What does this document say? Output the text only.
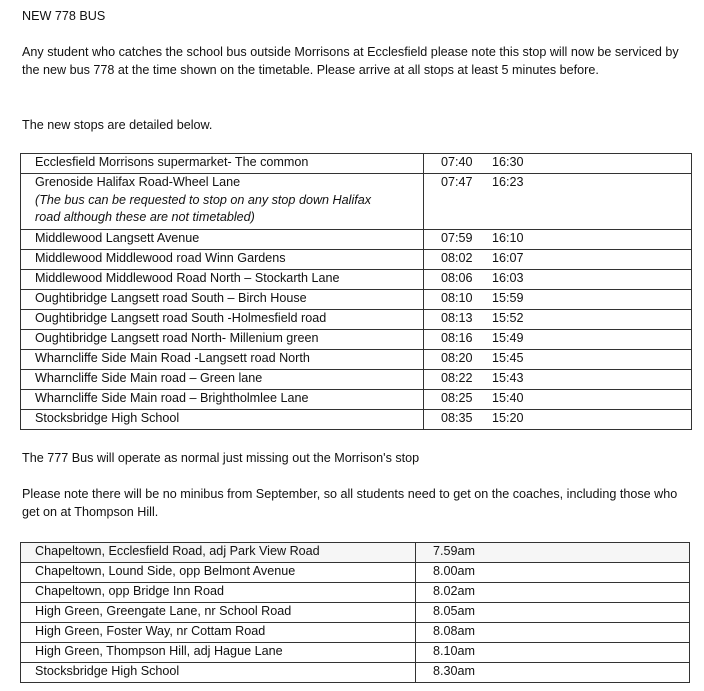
NEW 778 BUS

Any student who catches the school bus outside Morrisons at Ecclesfield please note this stop will now be serviced by the new bus 778 at the time shown on the timetable. Please arrive at all stops at least 5 minutes before.

The new stops are detailed below.

Ecclesfield Morrisons supermarket- The common	07:40 16:30
Grenoside Halifax Road-Wheel Lane
(The bus can be requested to stop on any stop down Halifax
road although these are not timetabled)	07:47 16:23
Middlewood Langsett Avenue	07:59 16:10
Middlewood Middlewood road Winn Gardens	08:02 16:07
Middlewood Middlewood Road North – Stockarth Lane	08:06 16:03
Oughtibridge Langsett road South – Birch House	08:10 15:59
Oughtibridge Langsett road South -Holmesfield road	08:13 15:52
Oughtibridge Langsett road North- Millenium green	08:16 15:49
Wharncliffe Side Main Road -Langsett road North	08:20 15:45
Wharncliffe Side Main road – Green lane	08:22 15:43
Wharncliffe Side Main road – Brightholmlee Lane	08:25 15:40
Stocksbridge High School	08:35 15:20

The 777 Bus will operate as normal just missing out the Morrison's stop

Please note there will be no minibus from September, so all students need to get on the coaches, including those who get on at Thompson Hill.

Chapeltown, Ecclesfield Road, adj Park View Road	7.59am
Chapeltown, Lound Side, opp Belmont Avenue	8.00am
Chapeltown, opp Bridge Inn Road	8.02am
High Green, Greengate Lane, nr School Road	8.05am
High Green, Foster Way, nr Cottam Road	8.08am
High Green, Thompson Hill, adj Hague Lane	8.10am
Stocksbridge High School	8.30am
